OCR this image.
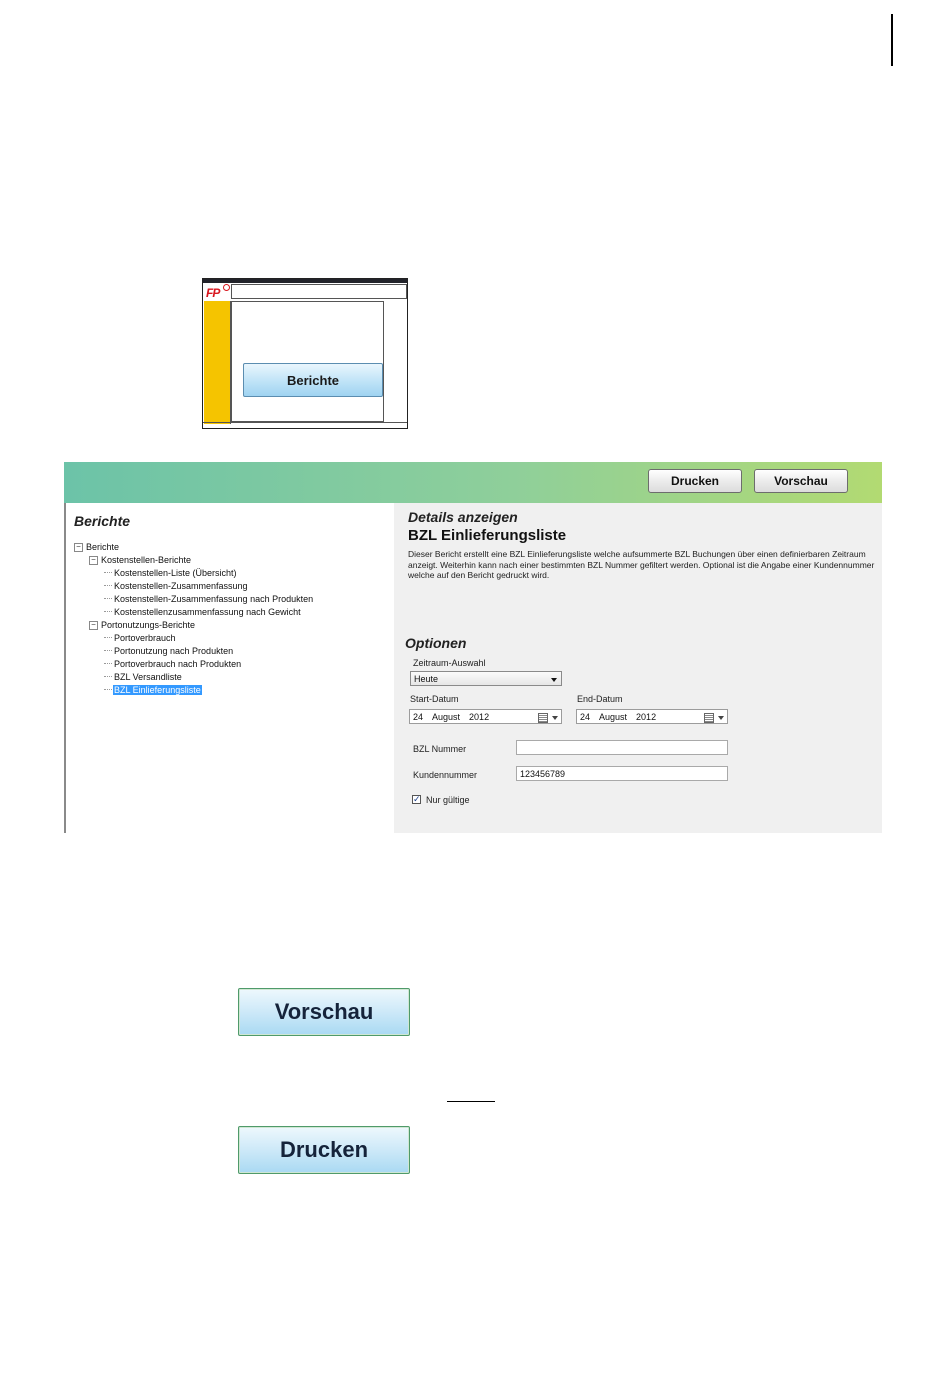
FP
Berichte
Drucken	Vorschau
Berichte
− Berichte
− Kostenstellen-Berichte
Kostenstellen-Liste (Übersicht)
Kostenstellen-Zusammenfassung
Kostenstellen-Zusammenfassung nach Produkten
Kostenstellenzusammenfassung nach Gewicht
− Portonutzungs-Berichte
Portoverbrauch
Portonutzung nach Produkten
Portoverbrauch nach Produkten
BZL Versandliste
BZL Einlieferungsliste
Details anzeigen
BZL Einlieferungsliste
Dieser Bericht erstellt eine BZL Einlieferungsliste welche aufsummerte BZL Buchungen über einen definierbaren Zeitraum anzeigt. Weiterhin kann nach einer bestimmten BZL Nummer gefiltert werden. Optional ist die Angabe einer Kundennummer welche auf den Bericht gedruckt wird.
Optionen
Zeitraum-Auswahl
Heute
Start-Datum
24 August 2012
End-Datum
24 August 2012
BZL Nummer
Kundennummer
123456789
✓ Nur gültige
Vorschau
Drucken
